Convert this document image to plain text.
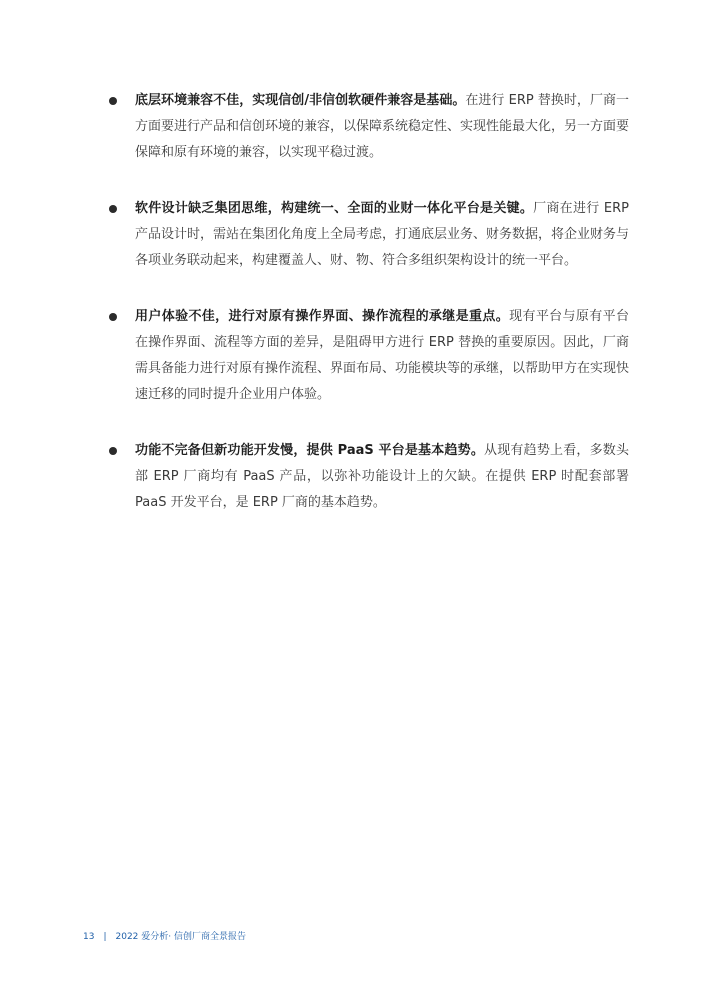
底层环境兼容不佳，实现信创/非信创软硬件兼容是基础。在进行 ERP 替换时，厂商一方面要进行产品和信创环境的兼容，以保障系统稳定性、实现性能最大化，另一方面要保障和原有环境的兼容，以实现平稳过渡。
软件设计缺乏集团思维，构建统一、全面的业财一体化平台是关键。厂商在进行 ERP 产品设计时，需站在集团化角度上全局考虑，打通底层业务、财务数据，将企业财务与各项业务联动起来，构建覆盖人、财、物、符合多组织架构设计的统一平台。
用户体验不佳，进行对原有操作界面、操作流程的承继是重点。现有平台与原有平台在操作界面、流程等方面的差异，是阻碍甲方进行 ERP 替换的重要原因。因此，厂商需具备能力进行对原有操作流程、界面布局、功能模块等的承继，以帮助甲方在实现快速迁移的同时提升企业用户体验。
功能不完备但新功能开发慢，提供 PaaS 平台是基本趋势。从现有趋势上看，多数头部 ERP 厂商均有 PaaS 产品，以弥补功能设计上的欠缺。在提供 ERP 时配套部署 PaaS 开发平台，是 ERP 厂商的基本趋势。
13 | 2022 爱分析· 信创厂商全景报告
